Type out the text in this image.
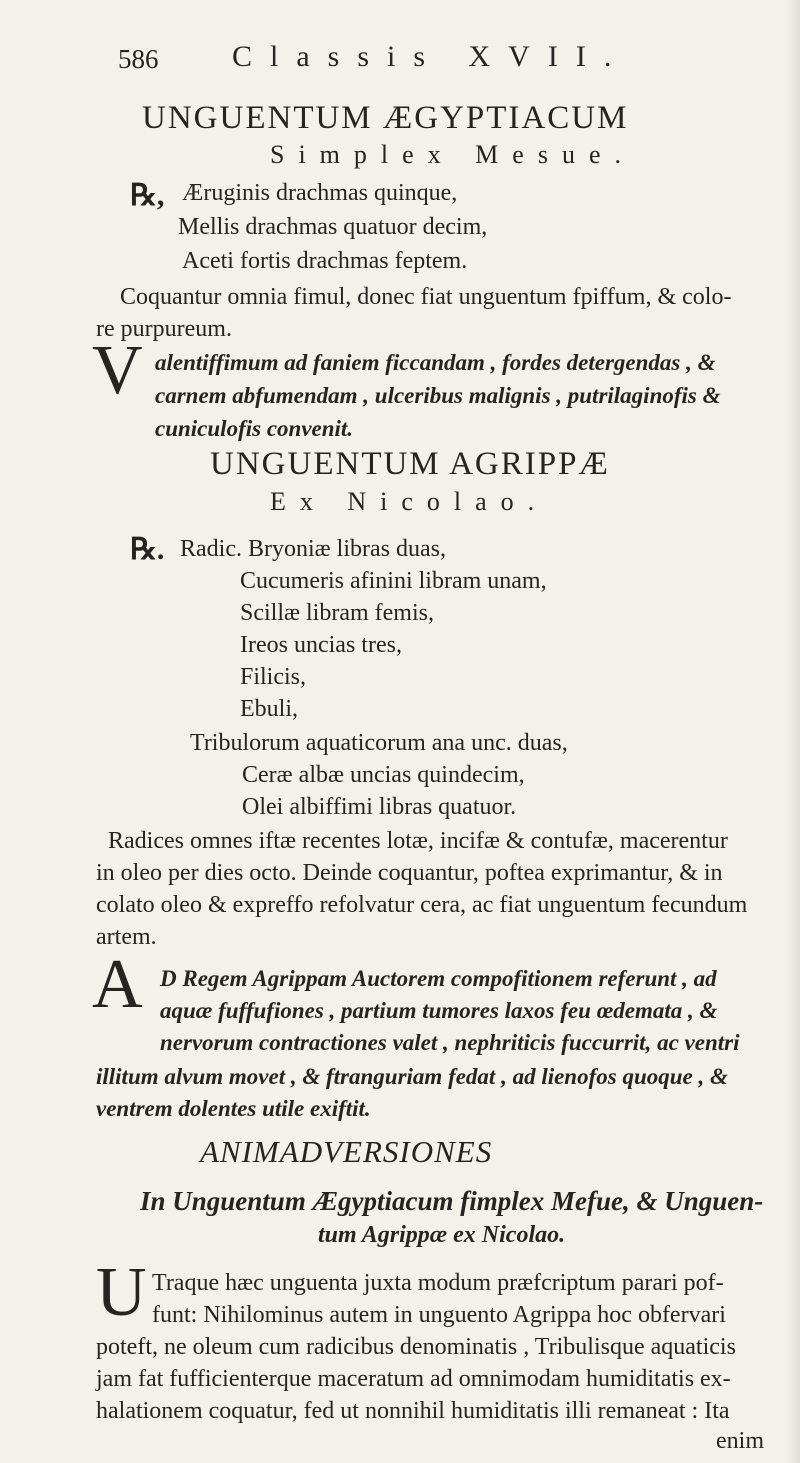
586 Classis XVII.
UNGUENTUM ÆGYPTIACUM
Simplex Mesue.
℞, Æruginis drachmas quinque,
Mellis drachmas quatuor decim,
Aceti fortis drachmas feptem.
Coquantur omnia fimul, donec fiat unguentum fpiffum, & colo-
re purpureum.
V alentiffimum ad faniem ficcandam , fordes detergendas , &
carnem abfumendam , ulceribus malignis , putrilaginofis &
cuniculofis convenit.
UNGUENTUM AGRIPPÆ
Ex Nicolao.
℞. Radic. Bryoniæ libras duas,
Cucumeris afinini libram unam,
Scillæ libram femis,
Ireos uncias tres,
Filicis,
Ebuli,
Tribulorum aquaticorum ana unc. duas,
Ceræ albæ uncias quindecim,
Olei albiffimi libras quatuor.
Radices omnes iftæ recentes lotæ, incifæ & contufæ, macerentur
in oleo per dies octo. Deinde coquantur, poftea exprimantur, & in
colato oleo & expreffo refolvatur cera, ac fiat unguentum fecundum
artem.
A D Regem Agrippam Auctorem compofitionem referunt , ad
aquæ fuffufiones , partium tumores laxos feu œdemata , &
nervorum contractiones valet , nephriticis fuccurrit, ac ventri
illitum alvum movet , & ftranguriam fedat , ad lienofos quoque , &
ventrem dolentes utile exiftit.
ANIMADVERSIONES
In Unguentum Ægyptiacum fimplex Mefue, & Unguen-
tum Agrippæ ex Nicolao.
U Traque hæc unguenta juxta modum præfcriptum parari pof-
funt: Nihilominus autem in unguento Agrippa hoc obfervari
poteft, ne oleum cum radicibus denominatis , Tribulisque aquaticis
jam fat fufficienterque maceratum ad omnimodam humiditatis ex-
halationem coquatur, fed ut nonnihil humiditatis illi remaneat : Ita
enim
